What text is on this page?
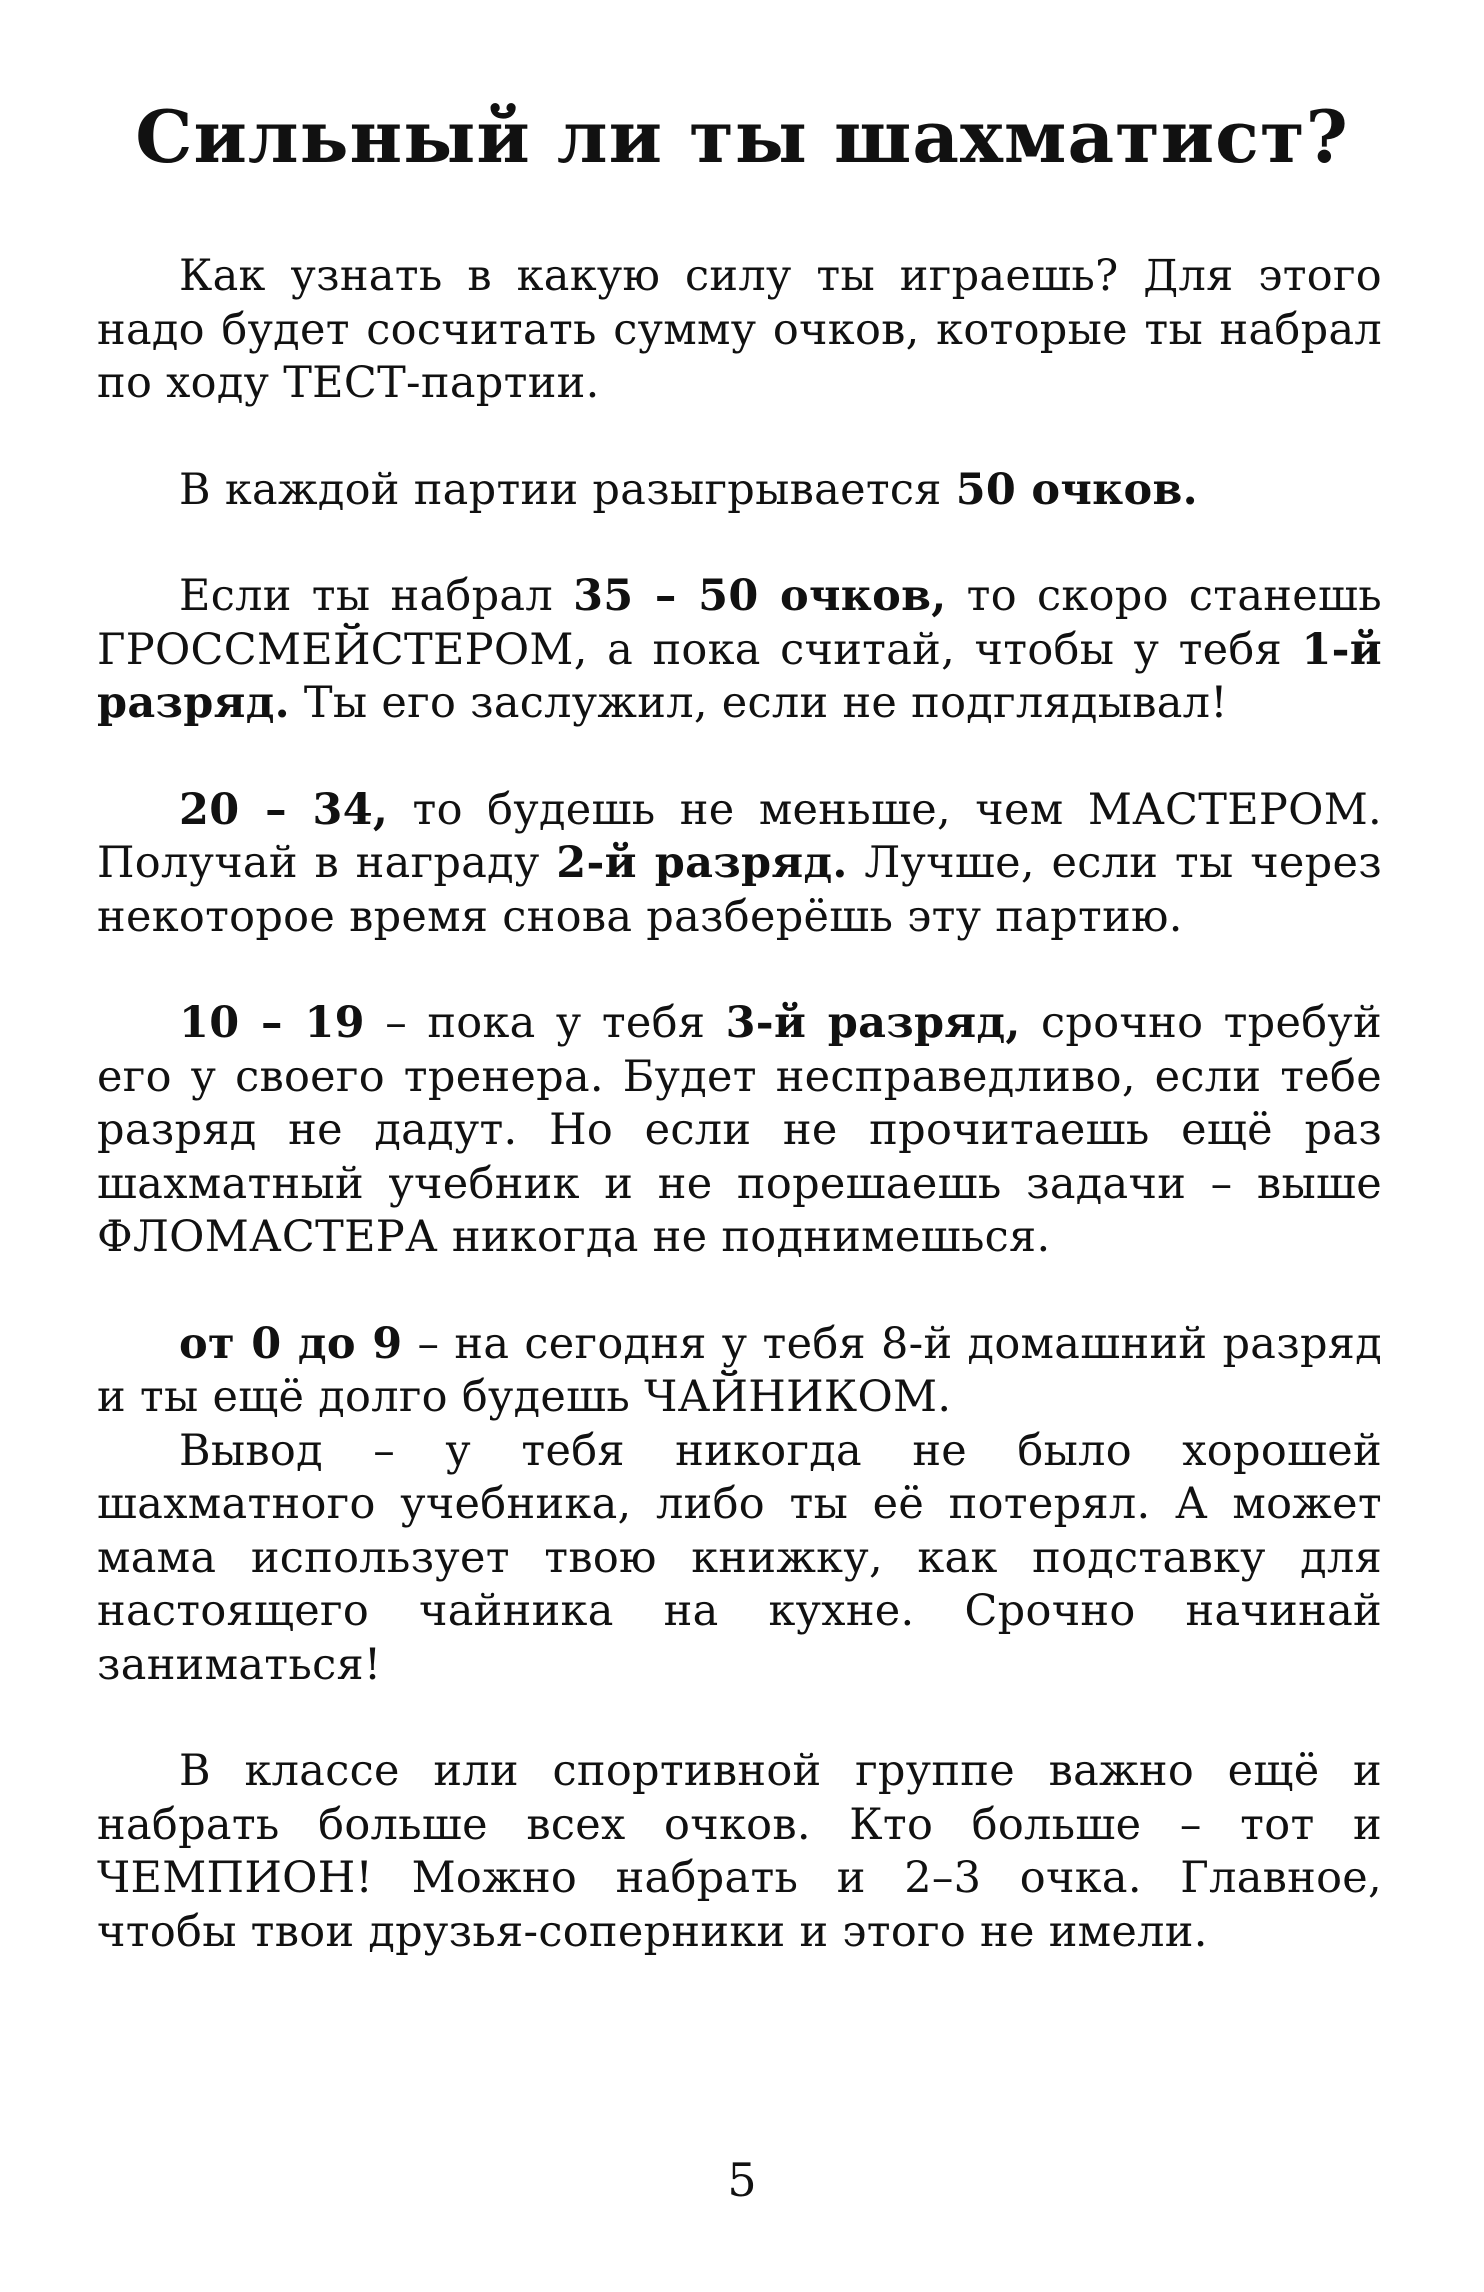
Сильный ли ты шахматист?

Как узнать в какую силу ты играешь? Для этого надо будет сосчитать сумму очков, которые ты набрал по ходу ТЕСТ-партии.

В каждой партии разыгрывается 50 очков.

Если ты набрал 35 – 50 очков, то скоро станешь ГРОССМЕЙСТЕРОМ, а пока считай, чтобы у тебя 1-й разряд. Ты его заслужил, если не подглядывал!

20 – 34, то будешь не меньше, чем МАСТЕРОМ. Получай в награду 2-й разряд. Лучше, если ты через некоторое время снова разберёшь эту партию.

10 – 19 – пока у тебя 3-й разряд, срочно требуй его у своего тренера. Будет несправедливо, если тебе разряд не дадут. Но если не прочитаешь ещё раз шахматный учебник и не порешаешь задачи – выше ФЛОМАСТЕРА никогда не поднимешься.

от 0 до 9 – на сегодня у тебя 8-й домашний разряд и ты ещё долго будешь ЧАЙНИКОМ.

Вывод – у тебя никогда не было хорошей шахматного учебника, либо ты её потерял. А может мама использует твою книжку, как подставку для настоящего чайника на кухне. Срочно начинай заниматься!

В классе или спортивной группе важно ещё и набрать больше всех очков. Кто больше – тот и ЧЕМПИОН! Можно набрать и 2–3 очка. Главное, чтобы твои друзья-соперники и этого не имели.

5
